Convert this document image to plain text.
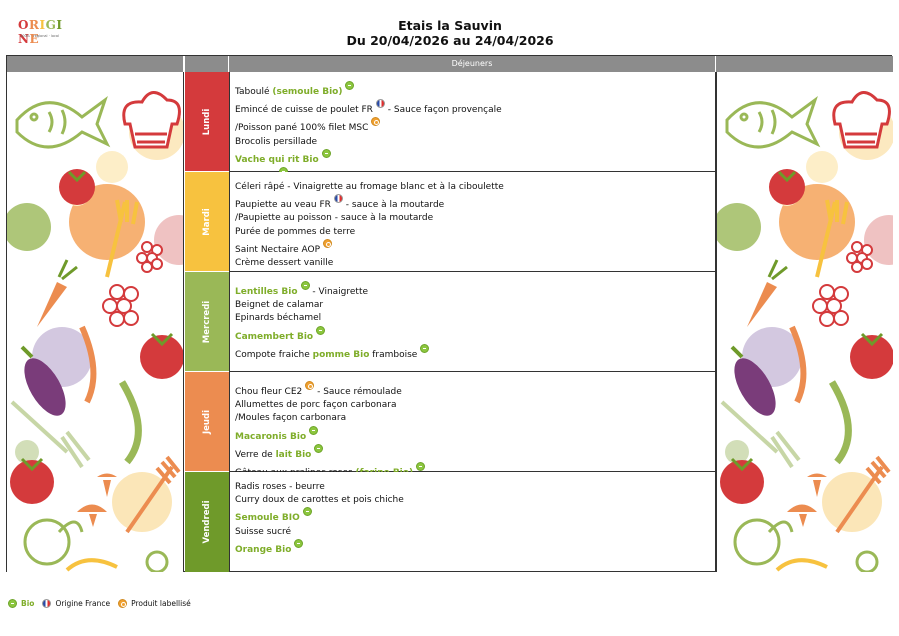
ORIGINE
100% · régional · local
Etais la Sauvin
Du 20/04/2026 au 24/04/2026
Déjeuners
Lundi
Taboulé (semoule Bio)
Emincé de cuisse de poulet FR - Sauce façon provençale
/Poisson pané 100% filet MSC
Brocolis persillade
Vache qui rit Bio
Mardi
Céleri râpé - Vinaigrette au fromage blanc et à la ciboulette
Paupiette au veau FR - sauce à la moutarde
/Paupiette au poisson - sauce à la moutarde
Purée de pommes de terre
Saint Nectaire AOP
Crème dessert vanille
Mercredi
Lentilles Bio - Vinaigrette
Beignet de calamar
Epinards béchamel
Camembert Bio
Compote fraiche pomme Bio framboise
Jeudi
Chou fleur CE2 - Sauce rémoulade
Allumettes de porc façon carbonara
/Moules façon carbonara
Macaronis Bio
Verre de lait Bio
Vendredi
Radis roses - beurre
Curry doux de carottes et pois chiche
Semoule BIO
Suisse sucré
Orange Bio
Bio	Origine France	Produit labellisé
